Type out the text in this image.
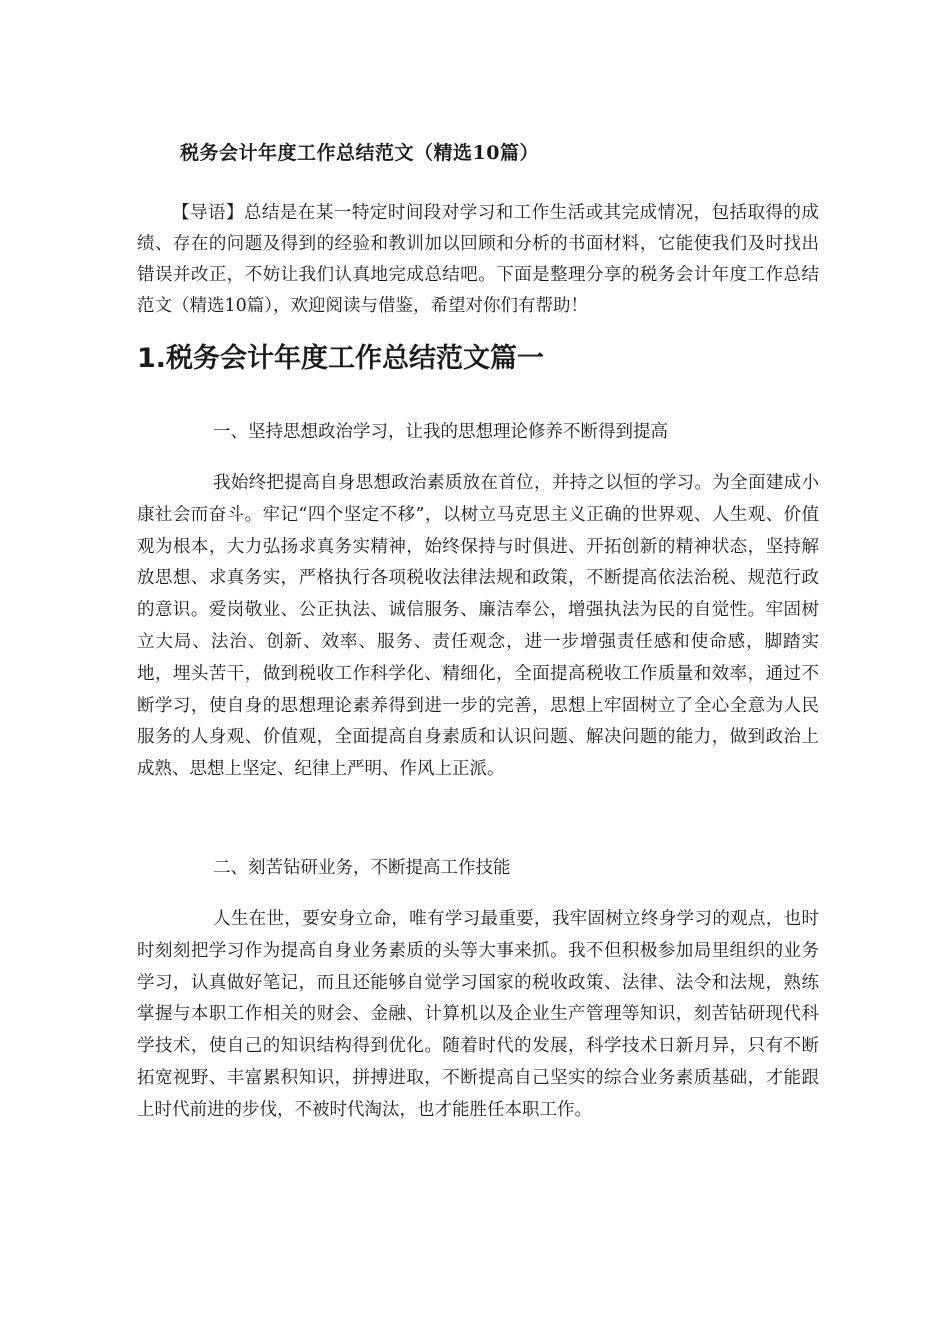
税务会计年度工作总结范文（精选10篇）

【导语】总结是在某一特定时间段对学习和工作生活或其完成情况，包括取得的成绩、存在的问题及得到的经验和教训加以回顾和分析的书面材料，它能使我们及时找出错误并改正，不妨让我们认真地完成总结吧。下面是整理分享的税务会计年度工作总结范文（精选10篇），欢迎阅读与借鉴，希望对你们有帮助！

1.税务会计年度工作总结范文篇一

一、坚持思想政治学习，让我的思想理论修养不断得到提高

我始终把提高自身思想政治素质放在首位，并持之以恒的学习。为全面建成小康社会而奋斗。牢记“四个坚定不移”，以树立马克思主义正确的世界观、人生观、价值观为根本，大力弘扬求真务实精神，始终保持与时俱进、开拓创新的精神状态，坚持解放思想、求真务实，严格执行各项税收法律法规和政策，不断提高依法治税、规范行政的意识。爱岗敬业、公正执法、诚信服务、廉洁奉公，增强执法为民的自觉性。牢固树立大局、法治、创新、效率、服务、责任观念，进一步增强责任感和使命感，脚踏实地，埋头苦干，做到税收工作科学化、精细化，全面提高税收工作质量和效率，通过不断学习，使自身的思想理论素养得到进一步的完善，思想上牢固树立了全心全意为人民服务的人身观、价值观，全面提高自身素质和认识问题、解决问题的能力，做到政治上成熟、思想上坚定、纪律上严明、作风上正派。

二、刻苦钻研业务，不断提高工作技能

人生在世，要安身立命，唯有学习最重要，我牢固树立终身学习的观点，也时时刻刻把学习作为提高自身业务素质的头等大事来抓。我不但积极参加局里组织的业务学习，认真做好笔记，而且还能够自觉学习国家的税收政策、法律、法令和法规，熟练掌握与本职工作相关的财会、金融、计算机以及企业生产管理等知识，刻苦钻研现代科学技术，使自己的知识结构得到优化。随着时代的发展，科学技术日新月异，只有不断拓宽视野、丰富累积知识，拼搏进取，不断提高自己坚实的综合业务素质基础，才能跟上时代前进的步伐，不被时代淘汰，也才能胜任本职工作。
